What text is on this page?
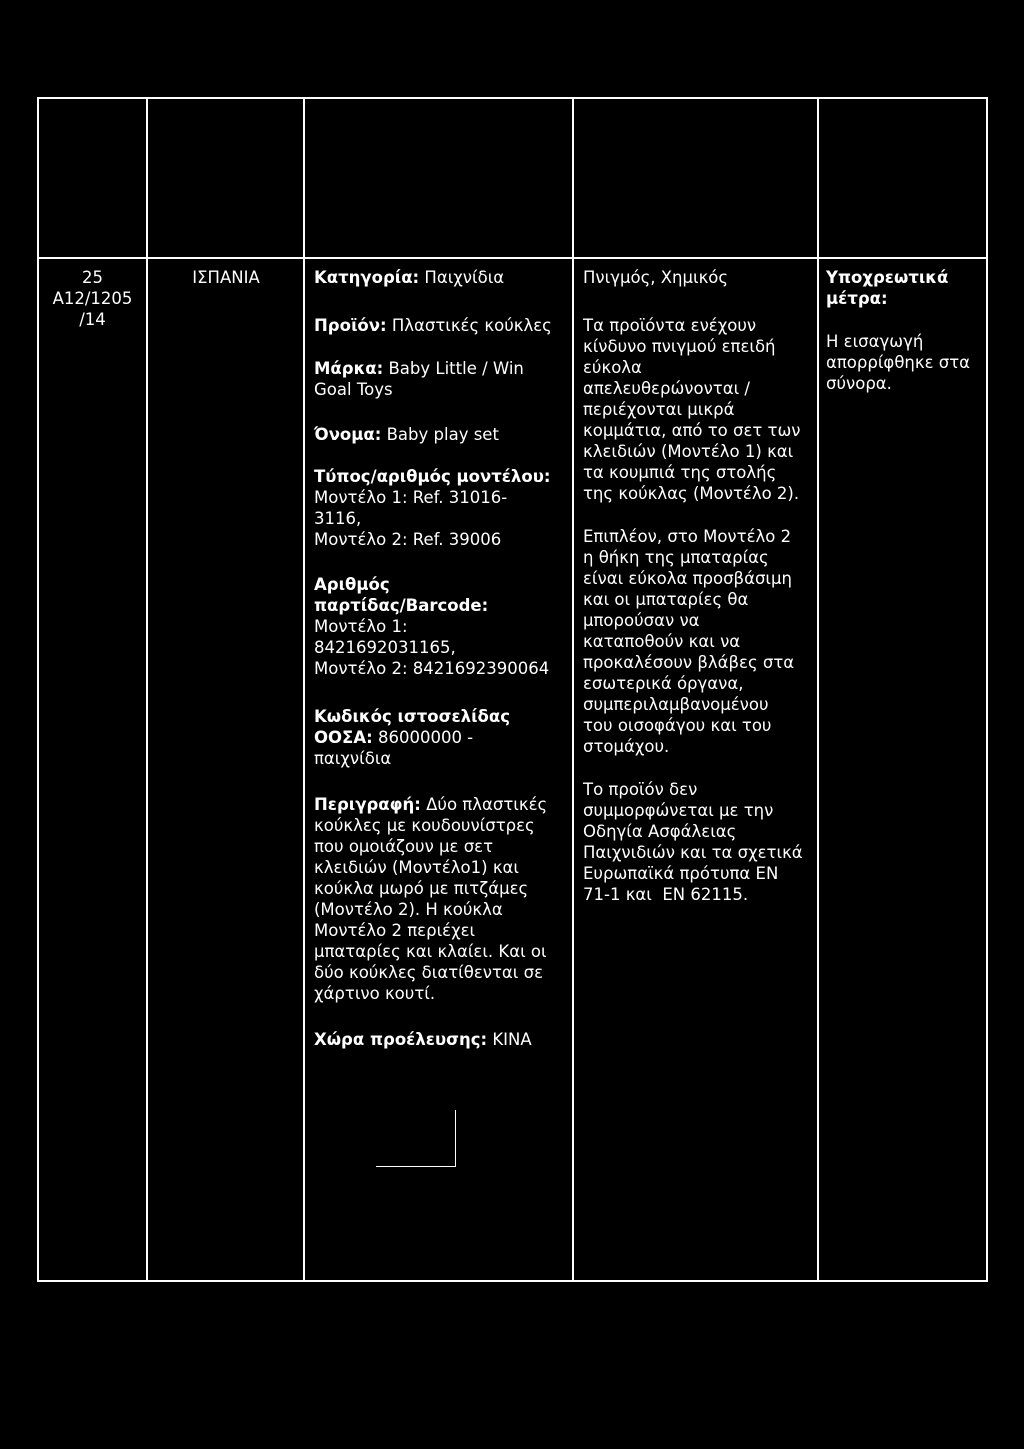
25
A12/1205
/14
ΙΣΠΑΝΙΑ	Κατηγορία: Παιχνίδια
Προϊόν: Πλαστικές κούκλες
Μάρκα: Baby Little / Win
Goal Toys
Όνομα: Baby play set
Τύπος/αριθμός μοντέλου:
Μοντέλο 1: Ref. 31016-
3116,
Μοντέλο 2: Ref. 39006
Αριθμός
παρτίδας/Barcode:
Μοντέλο 1:
8421692031165,
Μοντέλο 2: 8421692390064
Κωδικός ιστοσελίδας
ΟΟΣΑ: 86000000 -
παιχνίδια
Περιγραφή: Δύο πλαστικές
κούκλες με κουδουνίστρες
που ομοιάζουν με σετ
κλειδιών (Μοντέλο1) και
κούκλα μωρό με πιτζάμες
(Μοντέλο 2). Η κούκλα
Μοντέλο 2 περιέχει
μπαταρίες και κλαίει. Και οι
δύο κούκλες διατίθενται σε
χάρτινο κουτί.
Χώρα προέλευσης: ΚΙΝΑ
Πνιγμός, Χημικός
Τα προϊόντα ενέχουν
κίνδυνο πνιγμού επειδή
εύκολα
απελευθερώνονται /
περιέχονται μικρά
κομμάτια, από το σετ των
κλειδιών (Μοντέλο 1) και
τα κουμπιά της στολής
της κούκλας (Μοντέλο 2).
Επιπλέον, στο Μοντέλο 2
η θήκη της μπαταρίας
είναι εύκολα προσβάσιμη
και οι μπαταρίες θα
μπορούσαν να
καταποθούν και να
προκαλέσουν βλάβες στα
εσωτερικά όργανα,
συμπεριλαμβανομένου
του οισοφάγου και του
στομάχου.
Το προϊόν δεν
συμμορφώνεται με την
Οδηγία Ασφάλειας
Παιχνιδιών και τα σχετικά
Ευρωπαϊκά πρότυπα EN
71-1 και  EN 62115.
Υποχρεωτικά
μέτρα:
Η εισαγωγή
απορρίφθηκε στα
σύνορα.
